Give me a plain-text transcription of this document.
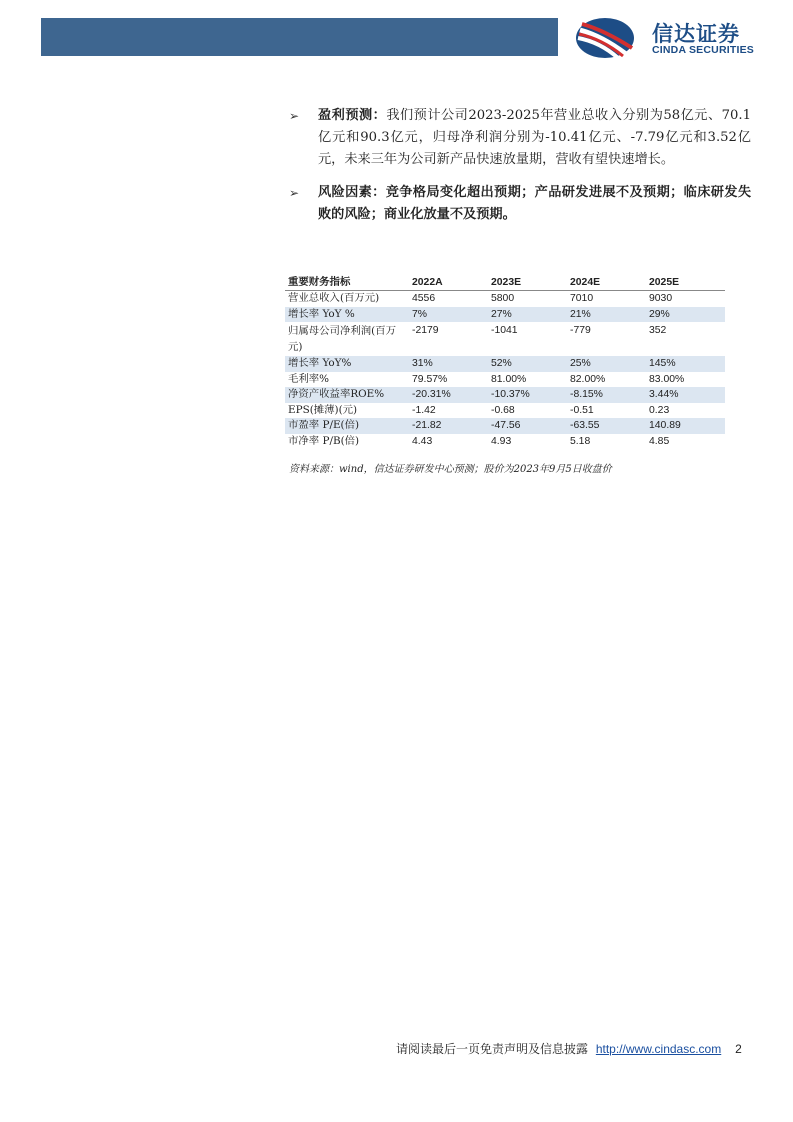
信达证券
CINDA SECURITIES
➢	盈利预测：我们预计公司2023-2025年营业总收入分别为58亿元、70.1亿元和90.3亿元，归母净利润分别为-10.41亿元、-7.79亿元和3.52亿元，未来三年为公司新产品快速放量期，营收有望快速增长。
➢	风险因素：竞争格局变化超出预期；产品研发进展不及预期；临床研发失败的风险；商业化放量不及预期。
重要财务指标	2022A	2023E	2024E	2025E
营业总收入(百万元)	4556	5800	7010	9030
增长率 YoY %	7%	27%	21%	29%
归属母公司净利润(百万元)	-2179	-1041	-779	352
增长率 YoY%	31%	52%	25%	145%
毛利率%	79.57%	81.00%	82.00%	83.00%
净资产收益率ROE%	-20.31%	-10.37%	-8.15%	3.44%
EPS(摊薄)(元)	-1.42	-0.68	-0.51	0.23
市盈率 P/E(倍)	-21.82	-47.56	-63.55	140.89
市净率 P/B(倍)	4.43	4.93	5.18	4.85
资料来源：wind，信达证券研发中心预测；股价为2023年9月5日收盘价
请阅读最后一页免责声明及信息披露 http://www.cindasc.com 2
